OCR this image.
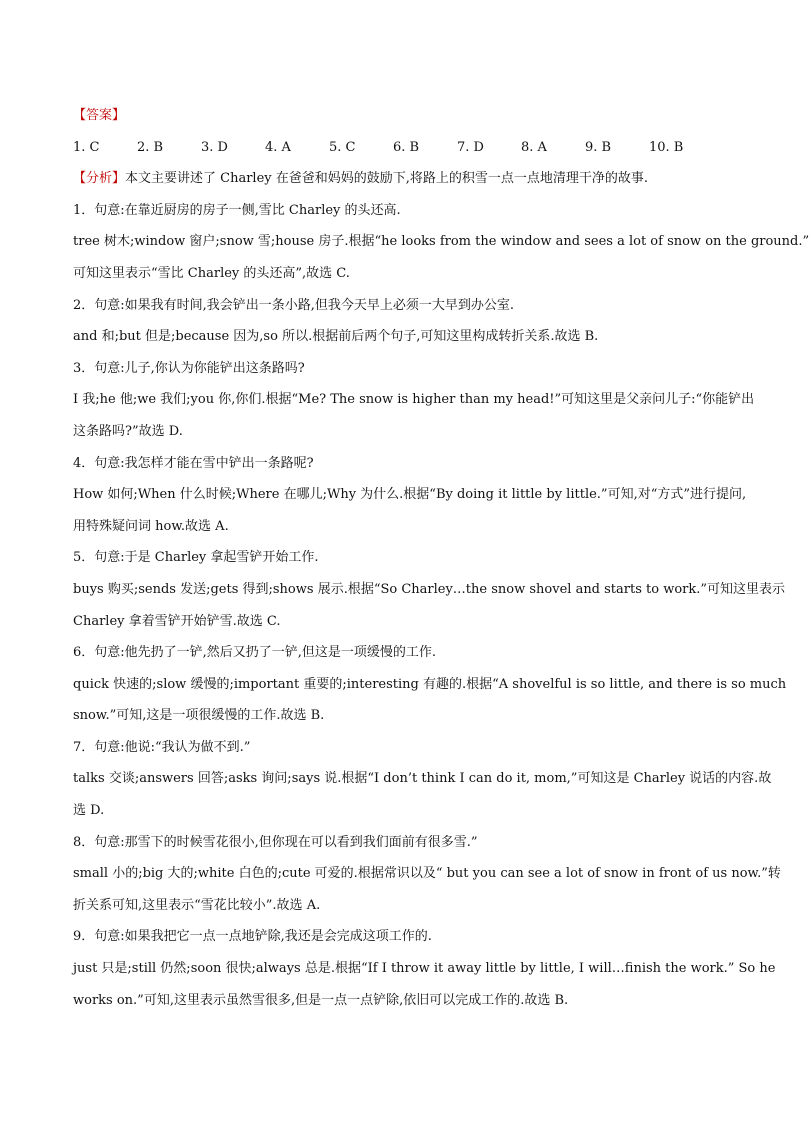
【答案】
1. C	2. B	3. D	4. A	5. C	6. B	7. D	8. A	9. B	10. B
【分析】本文主要讲述了 Charley 在爸爸和妈妈的鼓励下,将路上的积雪一点一点地清理干净的故事.
1．句意:在靠近厨房的房子一侧,雪比 Charley 的头还高.
tree 树木;window 窗户;snow 雪;house 房子.根据“he looks from the window and sees a lot of snow on the ground.”
可知这里表示“雪比 Charley 的头还高”,故选 C.
2．句意:如果我有时间,我会铲出一条小路,但我今天早上必须一大早到办公室.
and 和;but 但是;because 因为,so 所以.根据前后两个句子,可知这里构成转折关系.故选 B.
3．句意:儿子,你认为你能铲出这条路吗?
I 我;he 他;we 我们;you 你,你们.根据“Me? The snow is higher than my head!”可知这里是父亲问儿子:“你能铲出
这条路吗?”故选 D.
4．句意:我怎样才能在雪中铲出一条路呢?
How 如何;When 什么时候;Where 在哪儿;Why 为什么.根据“By doing it little by little.”可知,对“方式”进行提问,
用特殊疑问词 how.故选 A.
5．句意:于是 Charley 拿起雪铲开始工作.
buys 购买;sends 发送;gets 得到;shows 展示.根据“So Charley…the snow shovel and starts to work.”可知这里表示
Charley 拿着雪铲开始铲雪.故选 C.
6．句意:他先扔了一铲,然后又扔了一铲,但这是一项缓慢的工作.
quick 快速的;slow 缓慢的;important 重要的;interesting 有趣的.根据“A shovelful is so little, and there is so much
snow.”可知,这是一项很缓慢的工作.故选 B.
7．句意:他说:“我认为做不到.”
talks 交谈;answers 回答;asks 询问;says 说.根据“I don’t think I can do it, mom,”可知这是 Charley 说话的内容.故
选 D.
8．句意:那雪下的时候雪花很小,但你现在可以看到我们面前有很多雪.”
small 小的;big 大的;white 白色的;cute 可爱的.根据常识以及“ but you can see a lot of snow in front of us now.”转
折关系可知,这里表示“雪花比较小”.故选 A.
9．句意:如果我把它一点一点地铲除,我还是会完成这项工作的.
just 只是;still 仍然;soon 很快;always 总是.根据“If I throw it away little by little, I will…finish the work.” So he
works on.”可知,这里表示虽然雪很多,但是一点一点铲除,依旧可以完成工作的.故选 B.
